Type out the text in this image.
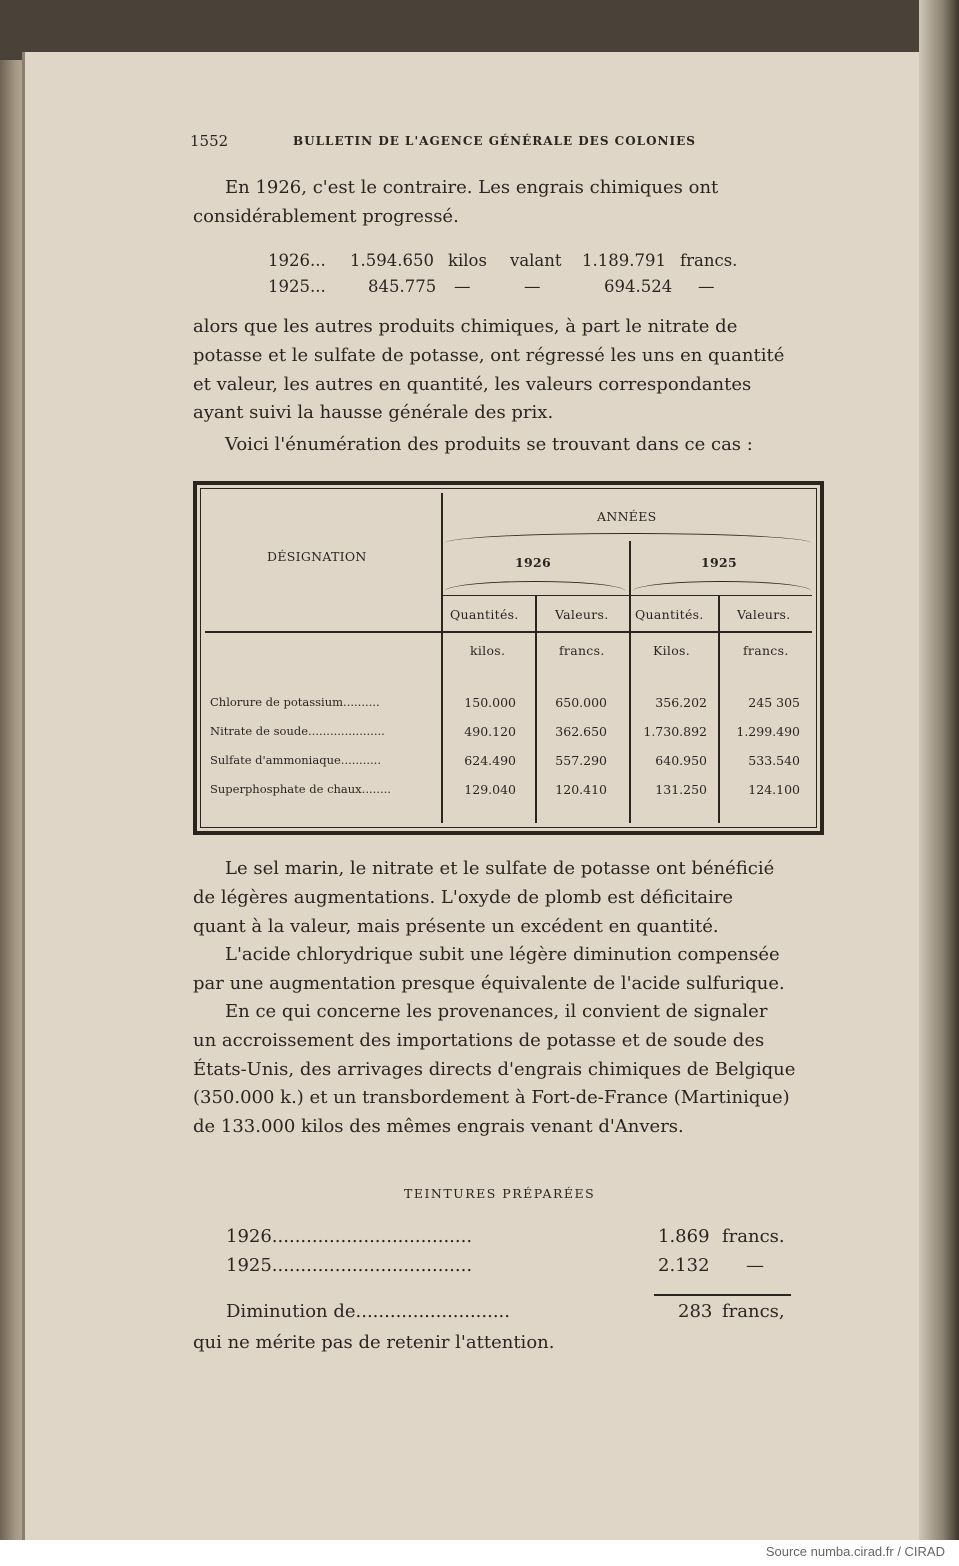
1552	BULLETIN DE L'AGENCE GÉNÉRALE DES COLONIES
En 1926, c'est le contraire. Les engrais chimiques ont
considérablement progressé.
1926... 1.594.650 kilos valant 1.189.791 francs.
1925...	845.775 —	—	694.524 —
alors que les autres produits chimiques, à part le nitrate de
potasse et le sulfate de potasse, ont régressé les uns en quantité
et valeur, les autres en quantité, les valeurs correspondantes
ayant suivi la hausse générale des prix.
Voici l'énumération des produits se trouvant dans ce cas :
DÉSIGNATION
ANNÉES
1926	1925
Quantités.	Valeurs. Quantités.	Valeurs.
kilos.	francs.	Kilos.	francs.
Chlorure de potassium..........	150.000	650.000	356.202	245 305
Nitrate de soude.....................	490.120	362.650	1.730.892	1.299.490
Sulfate d'ammoniaque...........	624.490	557.290	640.950	533.540
Superphosphate de chaux........	129.040	120.410	131.250	124.100
Le sel marin, le nitrate et le sulfate de potasse ont bénéficié
de légères augmentations. L'oxyde de plomb est déficitaire
quant à la valeur, mais présente un excédent en quantité.
L'acide chlorydrique subit une légère diminution compensée
par une augmentation presque équivalente de l'acide sulfurique.
En ce qui concerne les provenances, il convient de signaler
un accroissement des importations de potasse et de soude des
États-Unis, des arrivages directs d'engrais chimiques de Belgique
(350.000 k.) et un transbordement à Fort-de-France (Martinique)
de 133.000 kilos des mêmes engrais venant d'Anvers.
TEINTURES PRÉPARÉES
1926...................................	1.869 francs.
1925...................................	2.132 —
Diminution de...........................	283 francs,
qui ne mérite pas de retenir l'attention.
Source numba.cirad.fr / CIRAD
